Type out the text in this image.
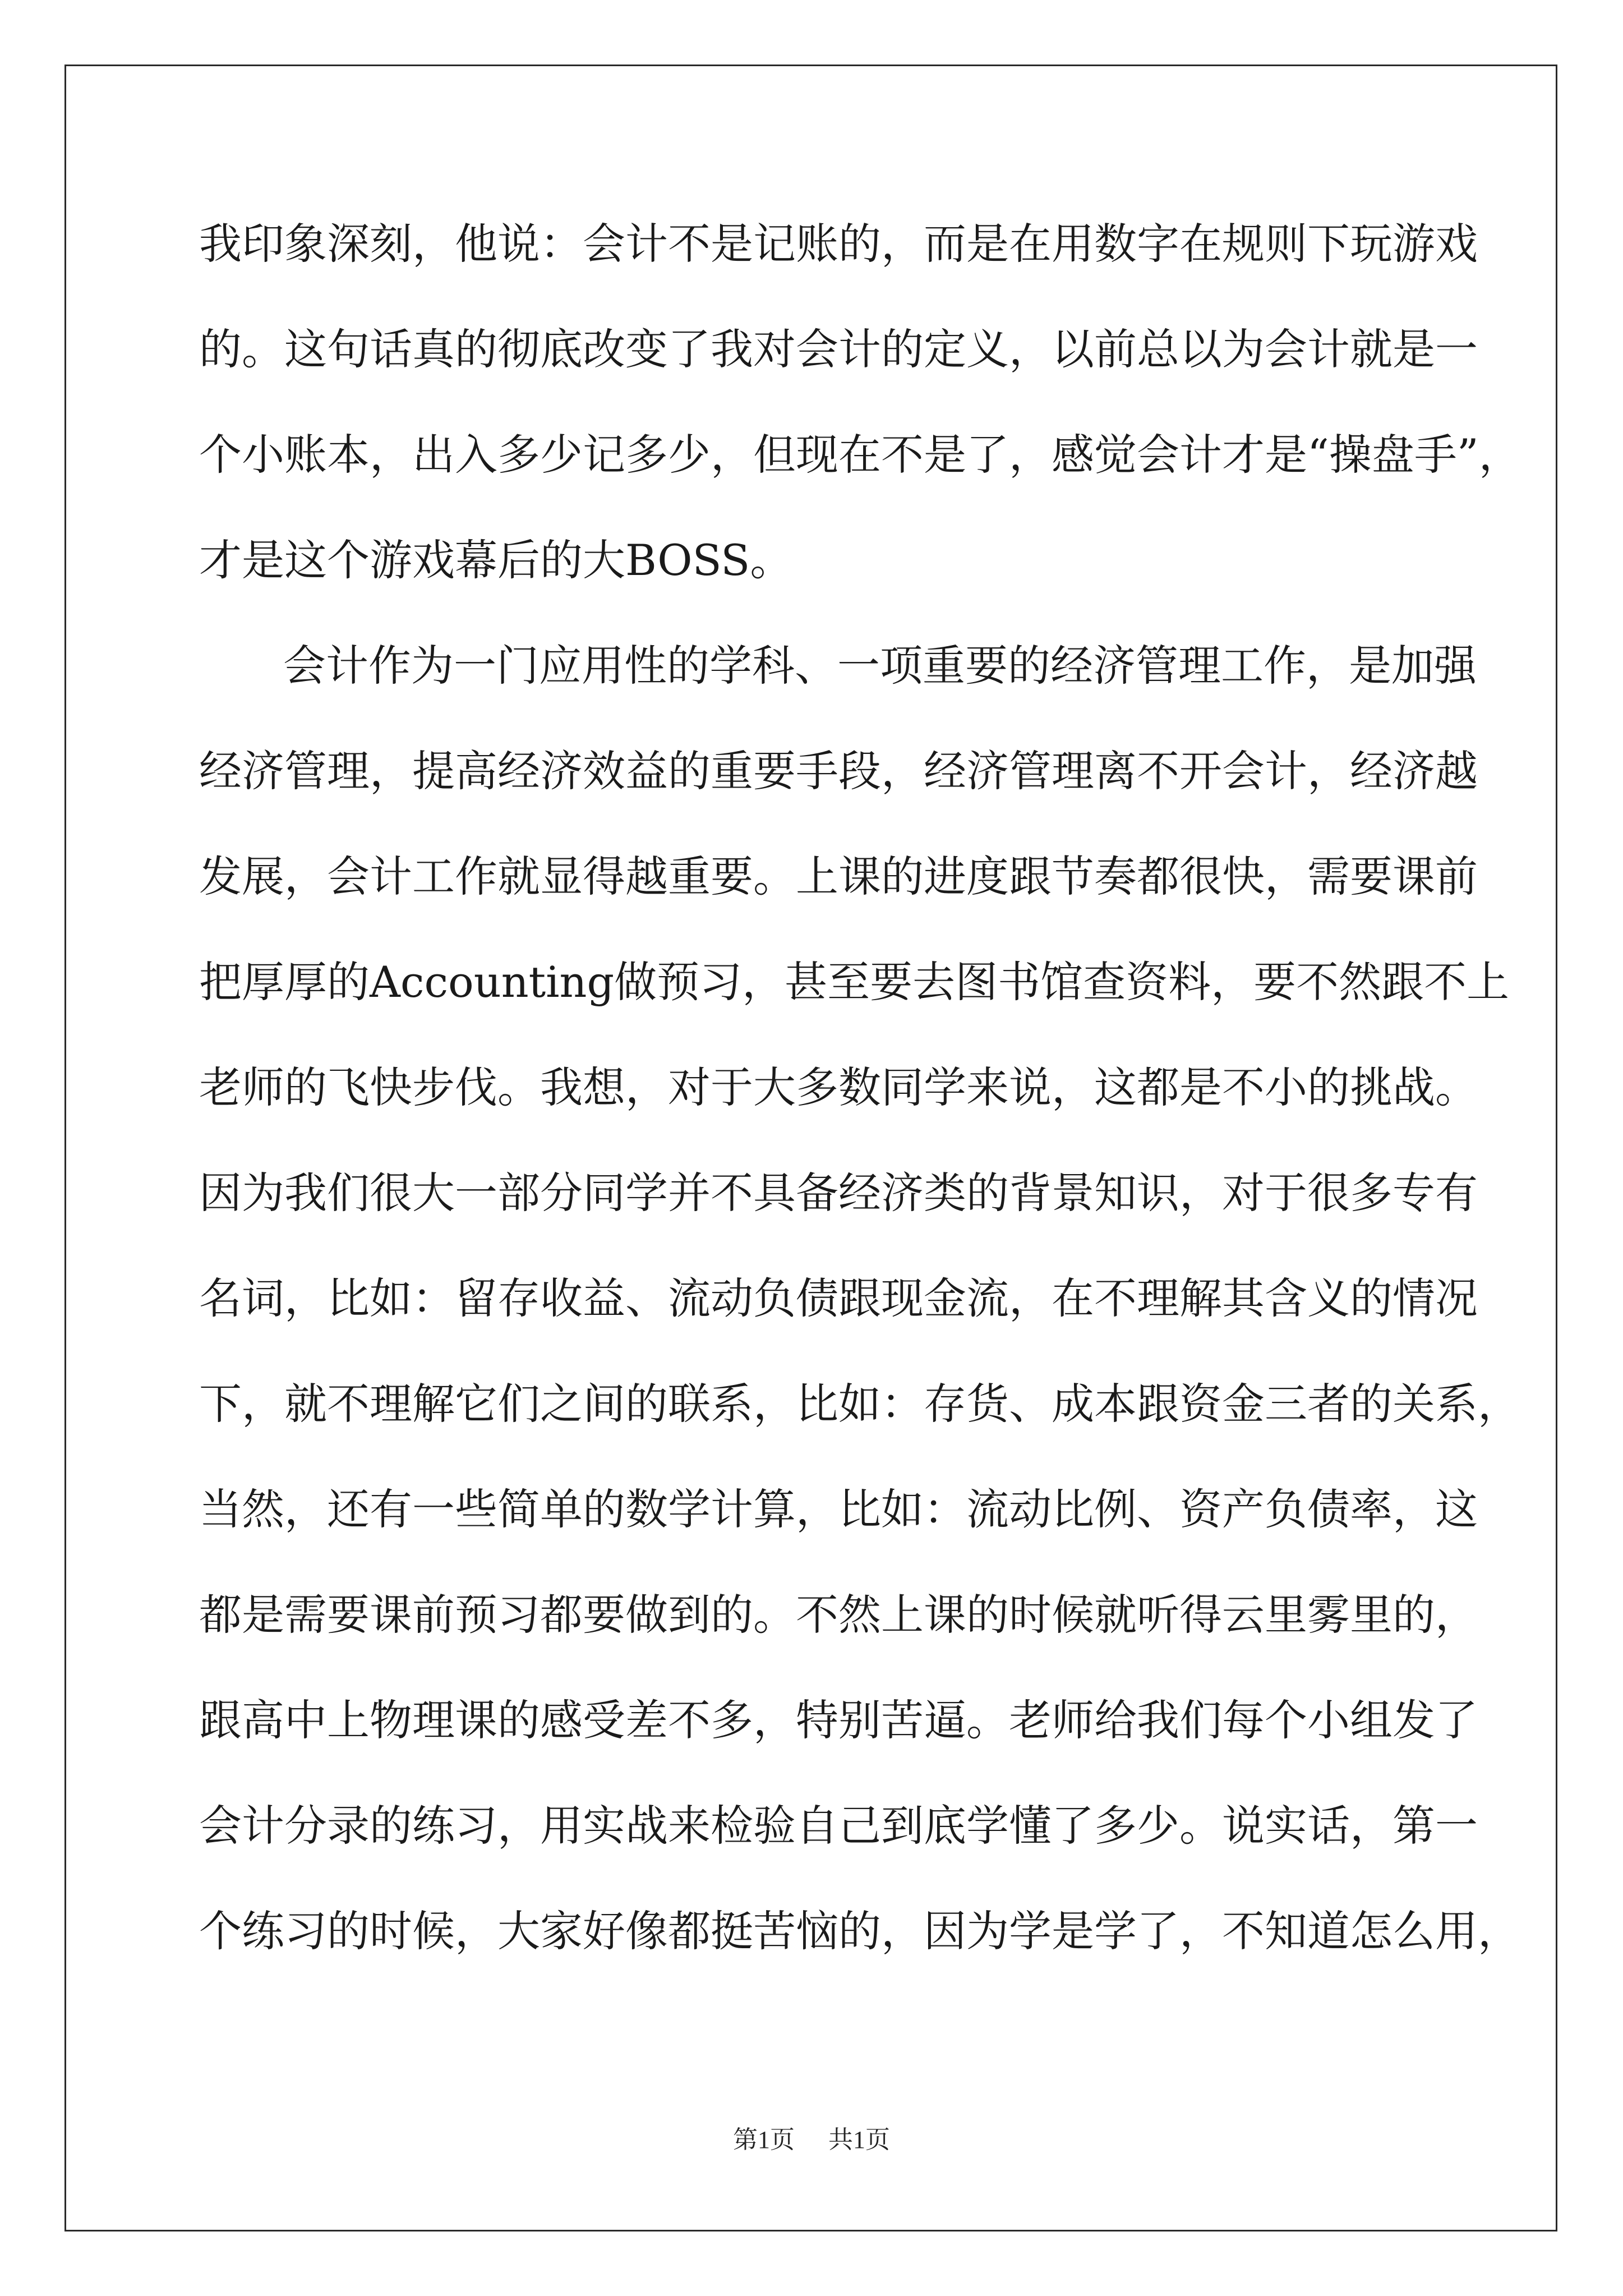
我印象深刻，他说：会计不是记账的，而是在用数字在规则下玩游戏
的。这句话真的彻底改变了我对会计的定义，以前总以为会计就是一
个小账本，出入多少记多少，但现在不是了，感觉会计才是“操盘手”，
才是这个游戏幕后的大BOSS。
会计作为一门应用性的学科、一项重要的经济管理工作，是加强
经济管理，提高经济效益的重要手段，经济管理离不开会计，经济越
发展，会计工作就显得越重要。上课的进度跟节奏都很快，需要课前
把厚厚的Accounting做预习，甚至要去图书馆查资料，要不然跟不上
老师的飞快步伐。我想，对于大多数同学来说，这都是不小的挑战。
因为我们很大一部分同学并不具备经济类的背景知识，对于很多专有
名词，比如：留存收益、流动负债跟现金流，在不理解其含义的情况
下，就不理解它们之间的联系，比如：存货、成本跟资金三者的关系，
当然，还有一些简单的数学计算，比如：流动比例、资产负债率，这
都是需要课前预习都要做到的。不然上课的时候就听得云里雾里的，
跟高中上物理课的感受差不多，特别苦逼。老师给我们每个小组发了
会计分录的练习，用实战来检验自己到底学懂了多少。说实话，第一
个练习的时候，大家好像都挺苦恼的，因为学是学了，不知道怎么用，
第1页 共1页
